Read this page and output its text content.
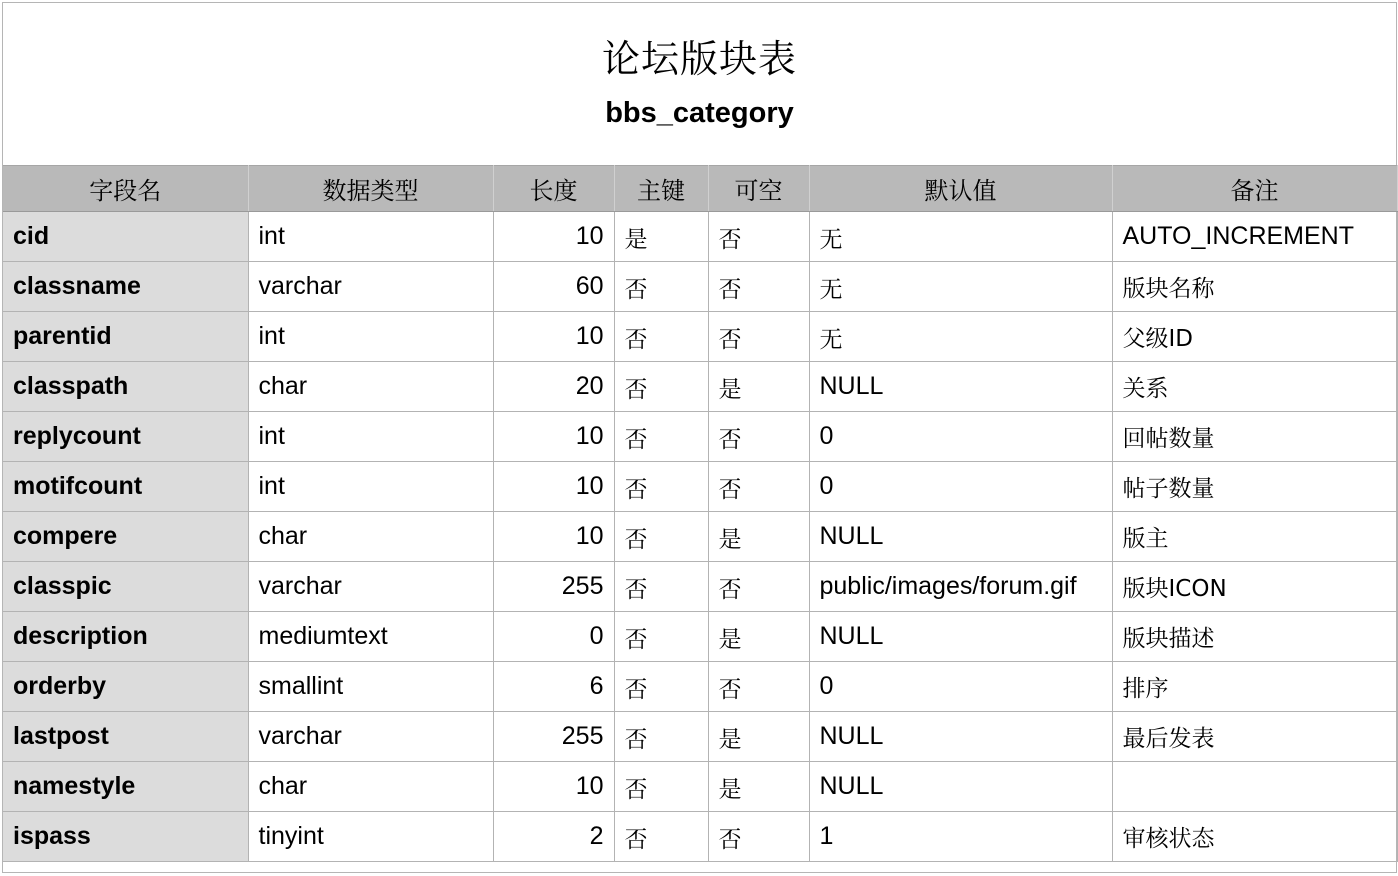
论坛版块表
bbs_category
字段名	数据类型	长度	主键	可空	默认值	备注
cid	int	10	是	否	无	AUTO_INCREMENT
classname	varchar	60	否	否	无	版块名称
parentid	int	10	否	否	无	父级ID
classpath	char	20	否	是	NULL	关系
replycount	int	10	否	否	0	回帖数量
motifcount	int	10	否	否	0	帖子数量
compere	char	10	否	是	NULL	版主
classpic	varchar	255	否	否	public/images/forum.gif	版块ICON
description	mediumtext	0	否	是	NULL	版块描述
orderby	smallint	6	否	否	0	排序
lastpost	varchar	255	否	是	NULL	最后发表
namestyle	char	10	否	是	NULL	
ispass	tinyint	2	否	否	1	审核状态
